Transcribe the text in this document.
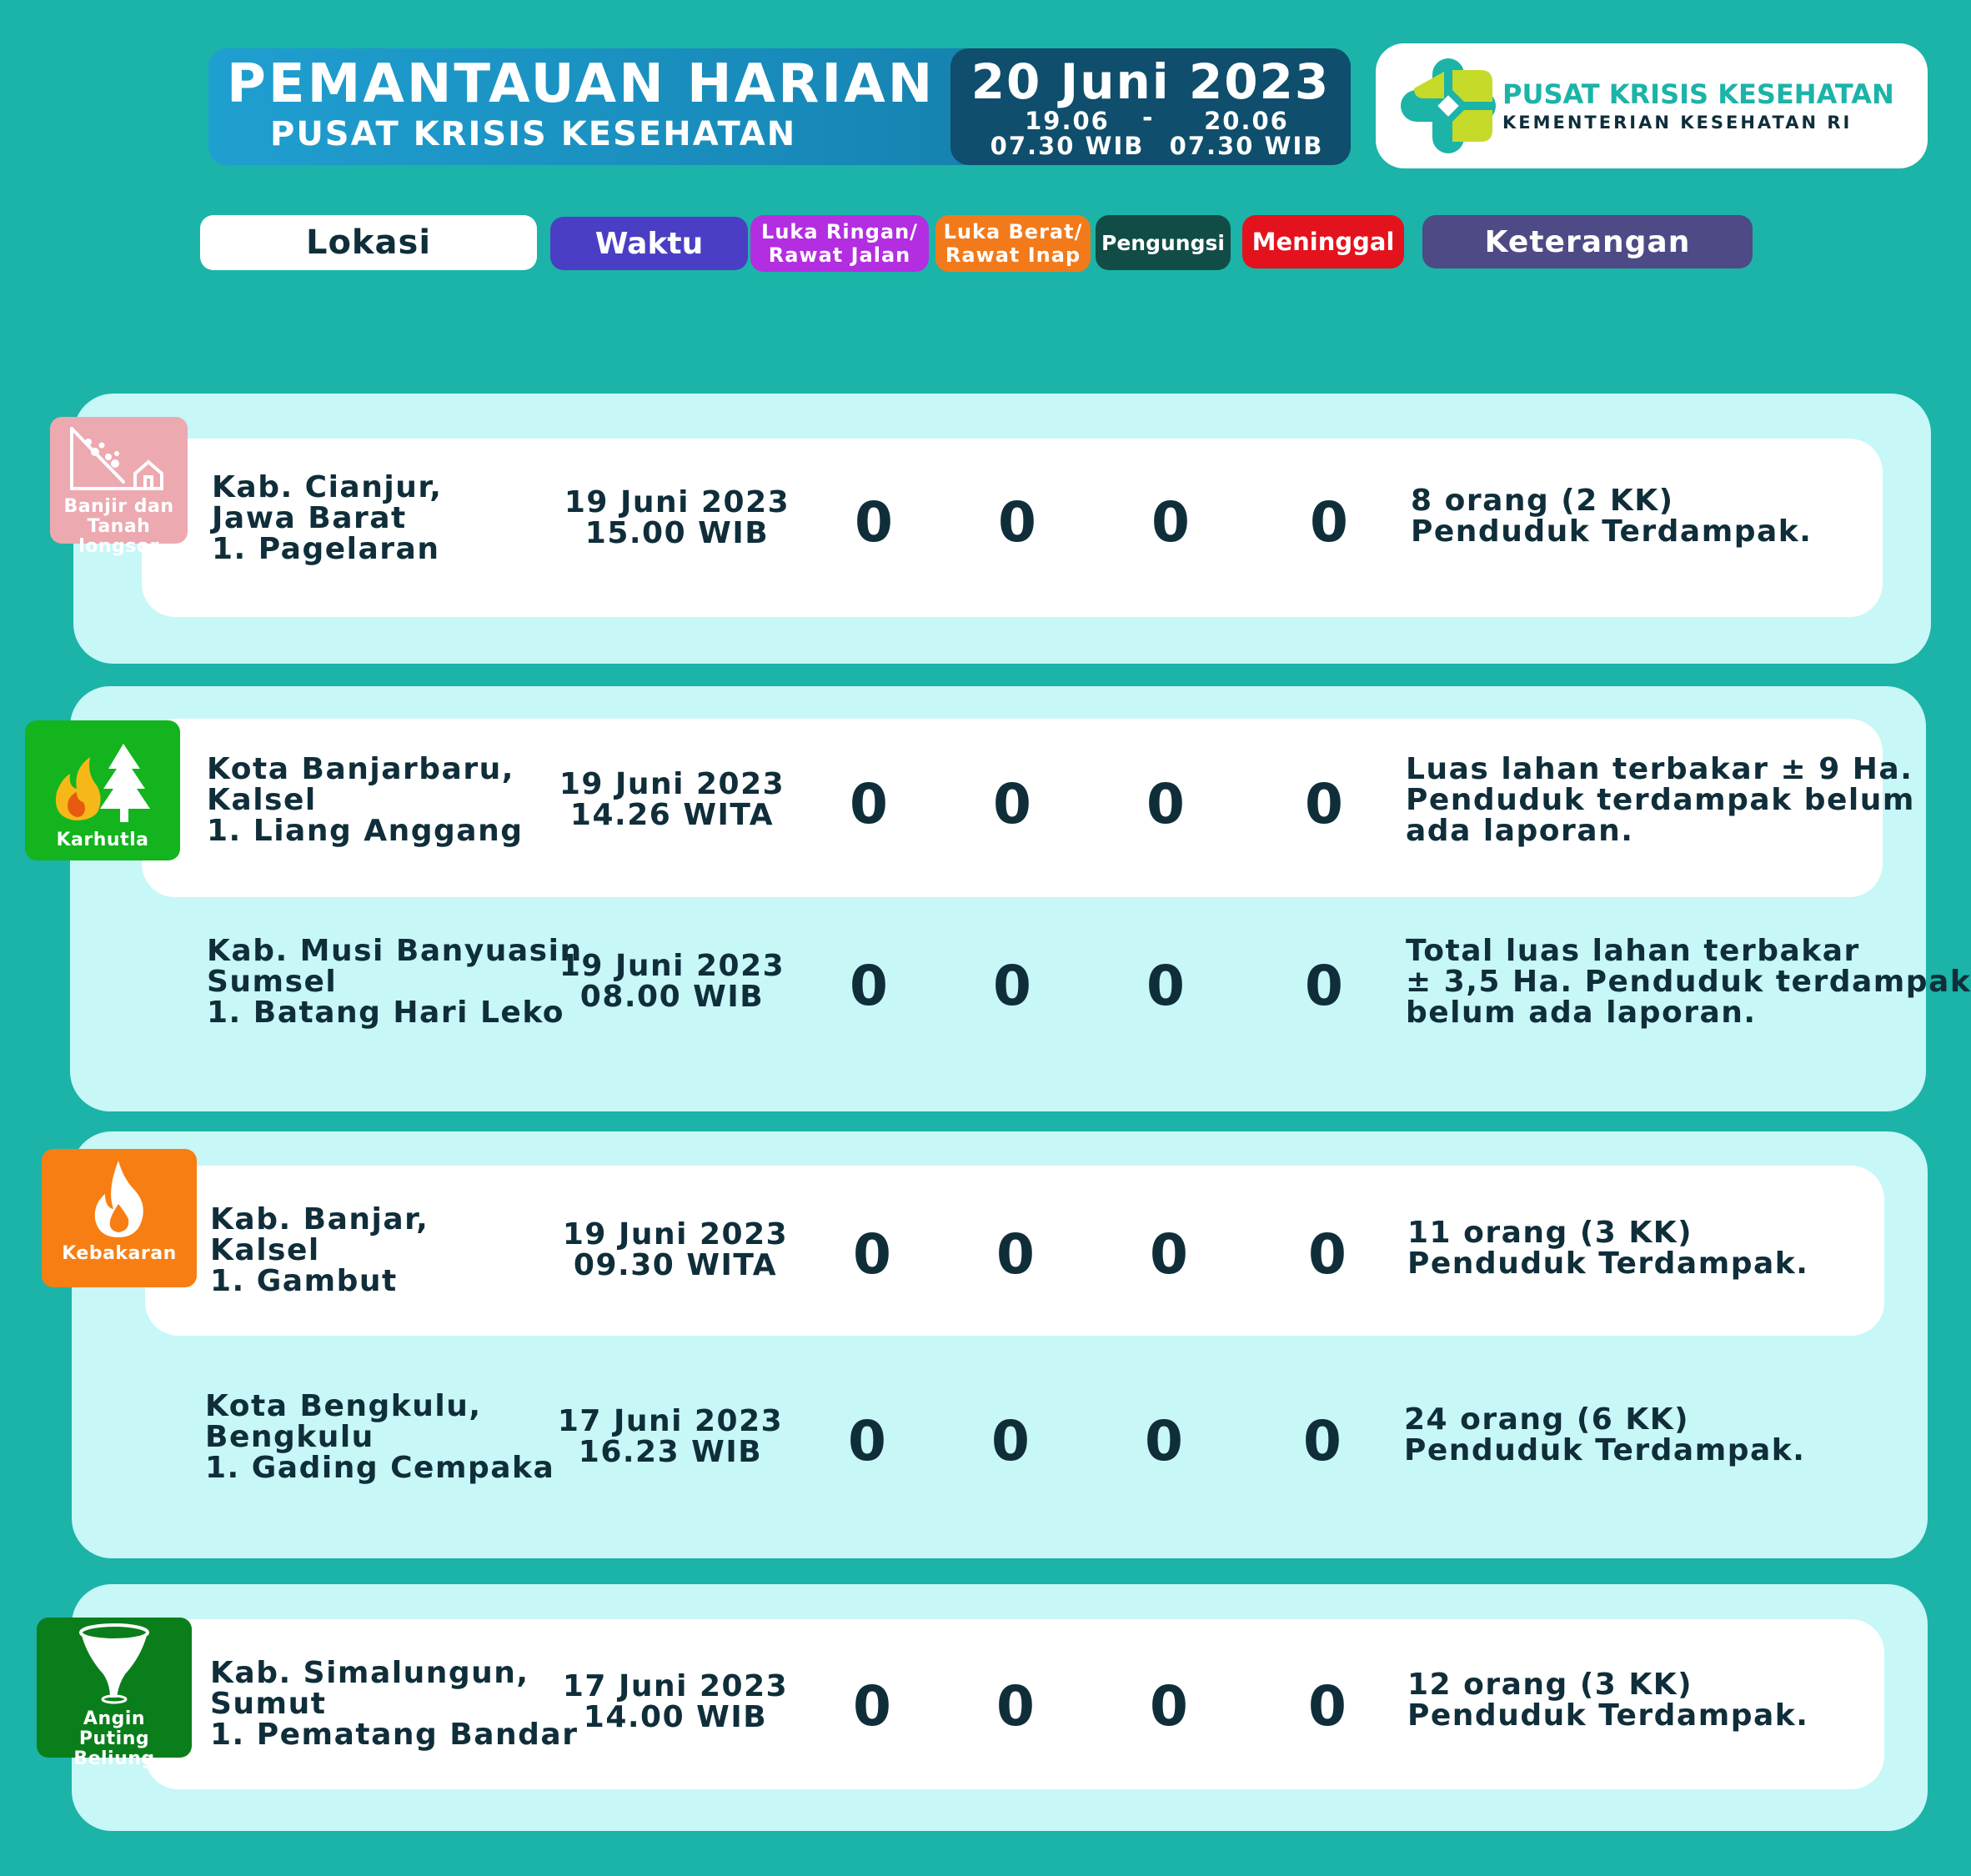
PEMANTAUAN HARIAN
PUSAT KRISIS KESEHATAN
20 Juni 2023
19.06
07.30 WIB
-	20.06
07.30 WIB
PUSAT KRISIS KESEHATAN
KEMENTERIAN KESEHATAN RI
Lokasi	Waktu	Luka Ringan/
Rawat Jalan
Luka Berat/
Rawat Inap
Pengungsi	Meninggal	Keterangan
Kab. Cianjur,
Jawa Barat
1. Pagelaran
19 Juni 2023
15.00 WIB	0 0 0 0	8 orang (2 KK)
Penduduk Terdampak.
Banjir dan
Tanah longsor
Kota Banjarbaru,
Kalsel
1. Liang Anggang
19 Juni 2023
14.26 WITA	0 0 0 0
Luas lahan terbakar ± 9 Ha.
Penduduk terdampak belum
ada laporan.
Kab. Musi Banyuasin
Sumsel
1. Batang Hari Leko
19 Juni 2023
08.00 WIB	0 0 0 0
Total luas lahan terbakar
± 3,5 Ha. Penduduk terdampak
belum ada laporan.
Karhutla
Kab. Banjar,
Kalsel
1. Gambut
19 Juni 2023
09.30 WITA	0 0 0 0	11 orang (3 KK)
Penduduk Terdampak.
Kota Bengkulu,
Bengkulu
1. Gading Cempaka
17 Juni 2023
16.23 WIB	0 0 0 0	24 orang (6 KK)
Penduduk Terdampak.
Kebakaran
Kab. Simalungun,
Sumut
1. Pematang Bandar
17 Juni 2023
14.00 WIB	0 0 0 0	12 orang (3 KK)
Penduduk Terdampak.
Angin
Puting Beliung
